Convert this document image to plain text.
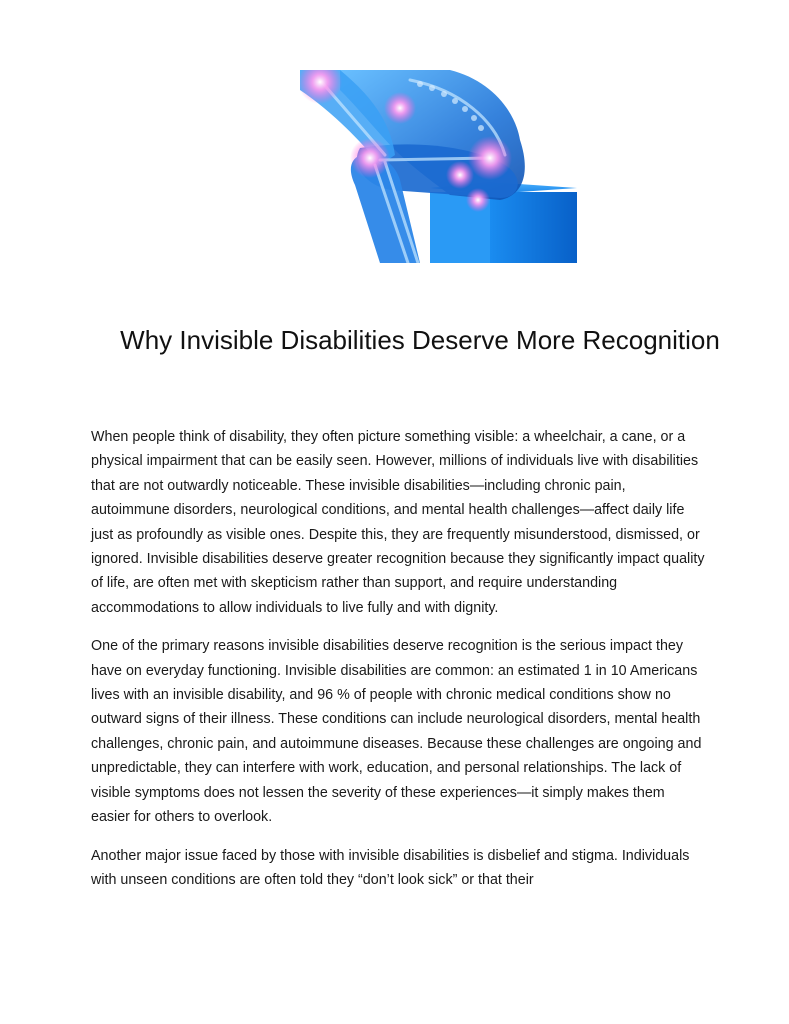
Why Invisible Disabilities Deserve More Recognition

When people think of disability, they often picture something visible: a wheelchair, a cane, or a physical impairment that can be easily seen. However, millions of individuals live with disabilities that are not outwardly noticeable. These invisible disabilities—including chronic pain, autoimmune disorders, neurological conditions, and mental health challenges—affect daily life just as profoundly as visible ones. Despite this, they are frequently misunderstood, dismissed, or ignored. Invisible disabilities deserve greater recognition because they significantly impact quality of life, are often met with skepticism rather than support, and require understanding accommodations to allow individuals to live fully and with dignity.

One of the primary reasons invisible disabilities deserve recognition is the serious impact they have on everyday functioning. Invisible disabilities are common: an estimated 1 in 10 Americans lives with an invisible disability, and 96 % of people with chronic medical conditions show no outward signs of their illness. These conditions can include neurological disorders, mental health challenges, chronic pain, and autoimmune diseases. Because these challenges are ongoing and unpredictable, they can interfere with work, education, and personal relationships. The lack of visible symptoms does not lessen the severity of these experiences—it simply makes them easier for others to overlook.

Another major issue faced by those with invisible disabilities is disbelief and stigma. Individuals with unseen conditions are often told they “don’t look sick” or that their
